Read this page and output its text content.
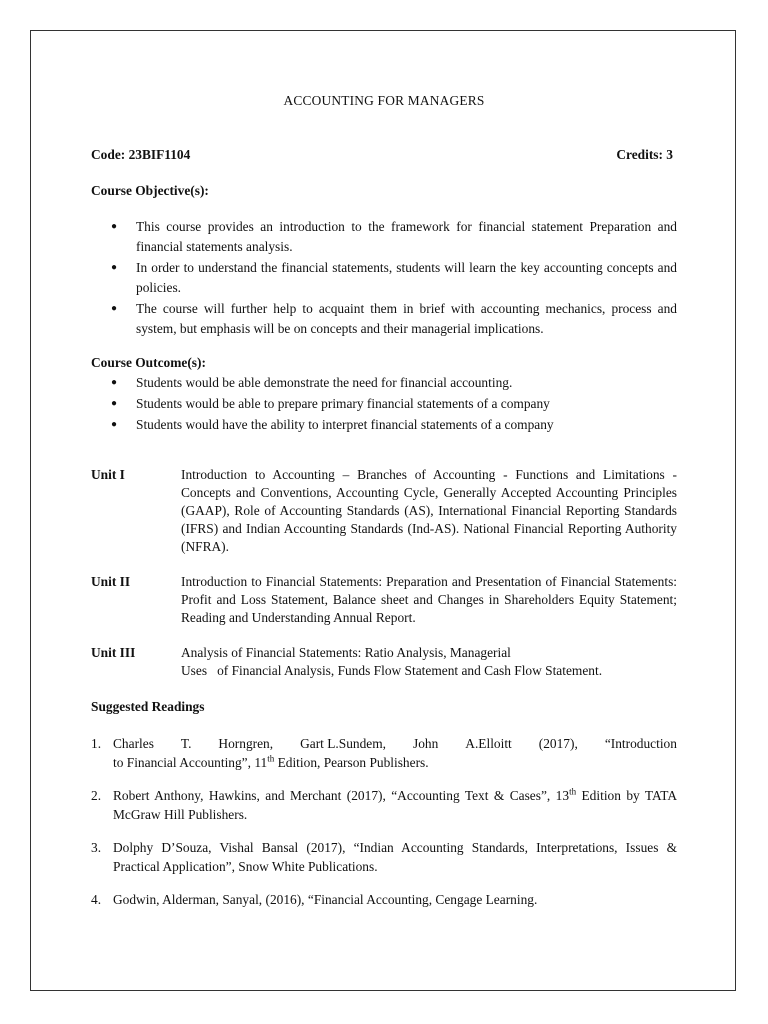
ACCOUNTING FOR MANAGERS
Code: 23BIF1104	Credits: 3
Course Objective(s):
● This course provides an introduction to the framework for financial statement Preparation and financial statements analysis.
● In order to understand the financial statements, students will learn the key accounting concepts and policies.
● The course will further help to acquaint them in brief with accounting mechanics, process and system, but emphasis will be on concepts and their managerial implications.
Course Outcome(s):
● Students would be able demonstrate the need for financial accounting.
● Students would be able to prepare primary financial statements of a company
● Students would have the ability to interpret financial statements of a company
Unit I	Introduction to Accounting – Branches of Accounting - Functions and Limitations - Concepts and Conventions, Accounting Cycle, Generally Accepted Accounting Principles (GAAP), Role of Accounting Standards (AS), International Financial Reporting Standards (IFRS) and Indian Accounting Standards (Ind-AS). National Financial Reporting Authority (NFRA).
Unit II	Introduction to Financial Statements: Preparation and Presentation of Financial Statements: Profit and Loss Statement, Balance sheet and Changes in Shareholders Equity Statement; Reading and Understanding Annual Report.
Unit III	Analysis of Financial Statements: Ratio Analysis, Managerial
Uses   of Financial Analysis, Funds Flow Statement and Cash Flow Statement.
Suggested Readings
1. Charles T. Horngren, Gart L.Sundem, John A.Elloitt (2017), “Introduction
to Financial Accounting”, 11th Edition, Pearson Publishers.
2. Robert Anthony, Hawkins, and Merchant (2017), “Accounting Text & Cases”, 13th Edition by TATA McGraw Hill Publishers.
3. Dolphy D’Souza, Vishal Bansal (2017), “Indian Accounting Standards, Interpretations, Issues & Practical Application”, Snow White Publications.
4. Godwin, Alderman, Sanyal, (2016), “Financial Accounting, Cengage Learning.
